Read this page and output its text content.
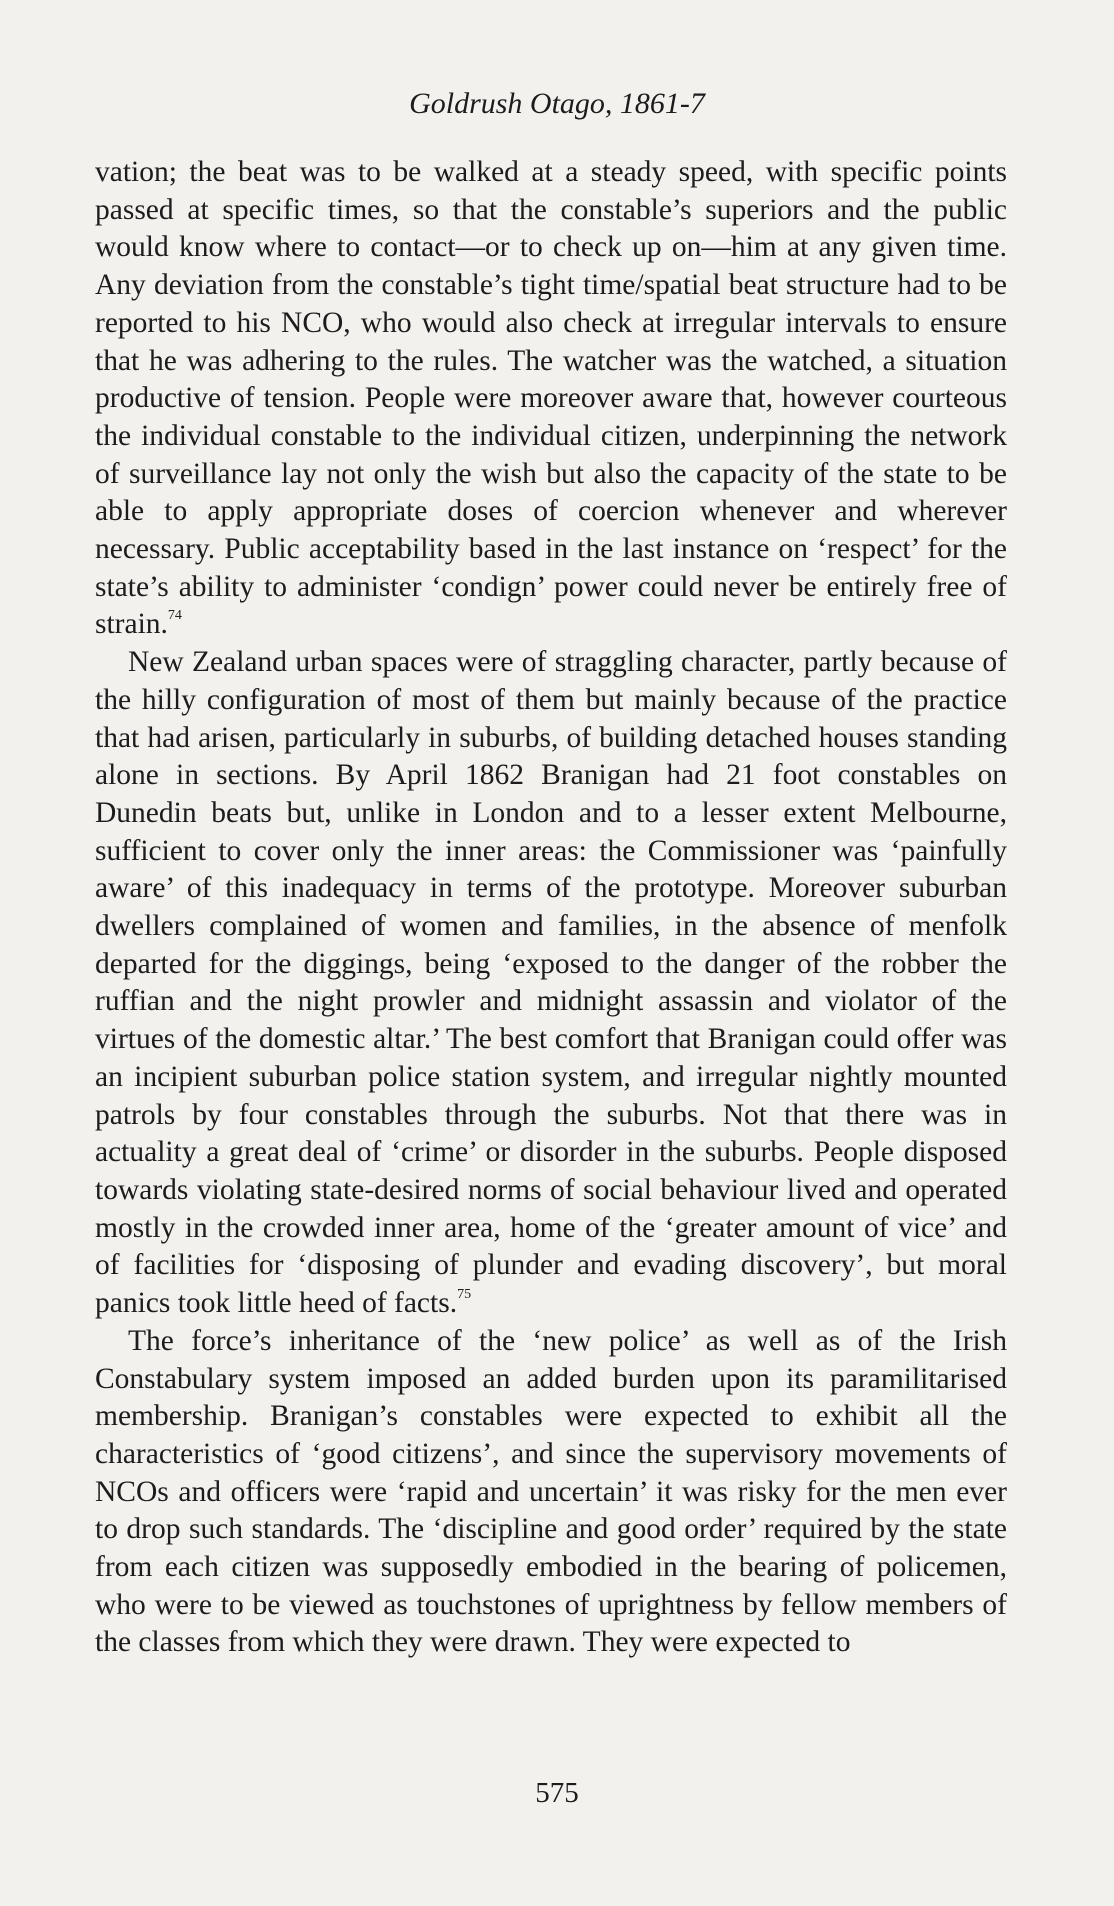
Goldrush Otago, 1861-7

vation; the beat was to be walked at a steady speed, with specific points passed at specific times, so that the constable’s superiors and the public would know where to contact—or to check up on—him at any given time. Any deviation from the constable’s tight time/spatial beat structure had to be reported to his NCO, who would also check at irregular intervals to ensure that he was adhering to the rules. The watcher was the watched, a situation productive of tension. People were moreover aware that, however courteous the individual constable to the individual citizen, underpinning the network of surveillance lay not only the wish but also the capacity of the state to be able to apply appropriate doses of coercion whenever and wherever necessary. Public acceptability based in the last instance on ‘respect’ for the state’s ability to administer ‘condign’ power could never be entirely free of strain.$^{74}$

New Zealand urban spaces were of straggling character, partly because of the hilly configuration of most of them but mainly because of the practice that had arisen, particularly in suburbs, of building detached houses standing alone in sections. By April 1862 Branigan had 21 foot constables on Dunedin beats but, unlike in London and to a lesser extent Melbourne, sufficient to cover only the inner areas: the Commissioner was ‘painfully aware’ of this inadequacy in terms of the prototype. Moreover suburban dwellers complained of women and families, in the absence of menfolk departed for the diggings, being ‘exposed to the danger of the robber the ruffian and the night prowler and midnight assassin and violator of the virtues of the domestic altar.’ The best comfort that Branigan could offer was an incipient suburban police station system, and irregular nightly mounted patrols by four constables through the suburbs. Not that there was in actuality a great deal of ‘crime’ or disorder in the suburbs. People disposed towards violating state-desired norms of social behaviour lived and operated mostly in the crowded inner area, home of the ‘greater amount of vice’ and of facilities for ‘disposing of plunder and evading discovery’, but moral panics took little heed of facts.$^{75}$

The force’s inheritance of the ‘new police’ as well as of the Irish Constabulary system imposed an added burden upon its paramilitarised membership. Branigan’s constables were expected to exhibit all the characteristics of ‘good citizens’, and since the supervisory movements of NCOs and officers were ‘rapid and uncertain’ it was risky for the men ever to drop such standards. The ‘discipline and good order’ required by the state from each citizen was supposedly embodied in the bearing of policemen, who were to be viewed as touchstones of uprightness by fellow members of the classes from which they were drawn. They were expected to

575
